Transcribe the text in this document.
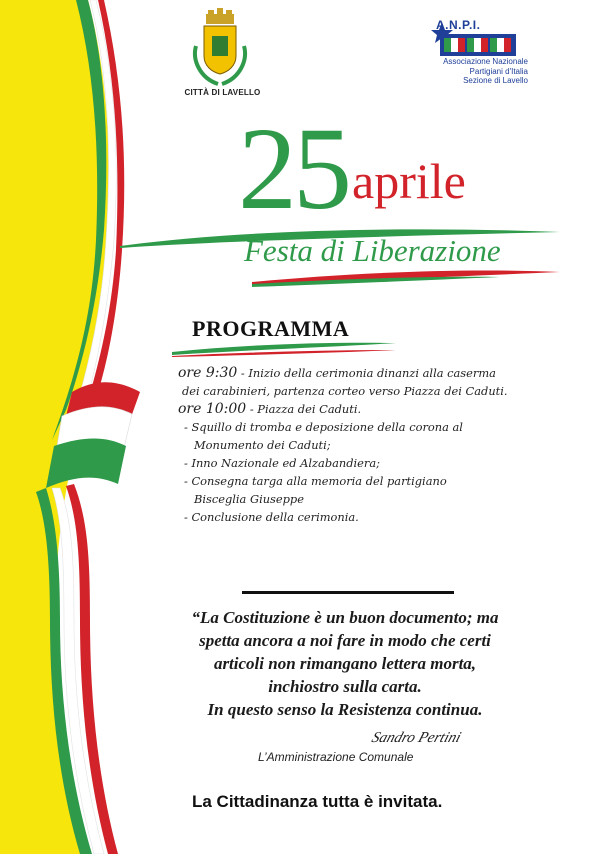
CITTÀ DI LAVELLO
A.N.P.I.
Associazione Nazionale
Partigiani d'Italia
Sezione di Lavello
25 aprile
Festa di Liberazione
PROGRAMMA
ore 9:30 - Inizio della cerimonia dinanzi alla caserma
dei carabinieri, partenza corteo verso Piazza dei Caduti.
ore 10:00 - Piazza dei Caduti.
- Squillo di tromba e deposizione della corona al
Monumento dei Caduti;
- Inno Nazionale ed Alzabandiera;
- Consegna targa alla memoria del partigiano
Bisceglia Giuseppe
- Conclusione della cerimonia.
“La Costituzione è un buon documento; ma
spetta ancora a noi fare in modo che certi
articoli non rimangano lettera morta,
inchiostro sulla carta.
In questo senso la Resistenza continua.
Sandro Pertini
L’Amministrazione Comunale
La Cittadinanza tutta è invitata.
